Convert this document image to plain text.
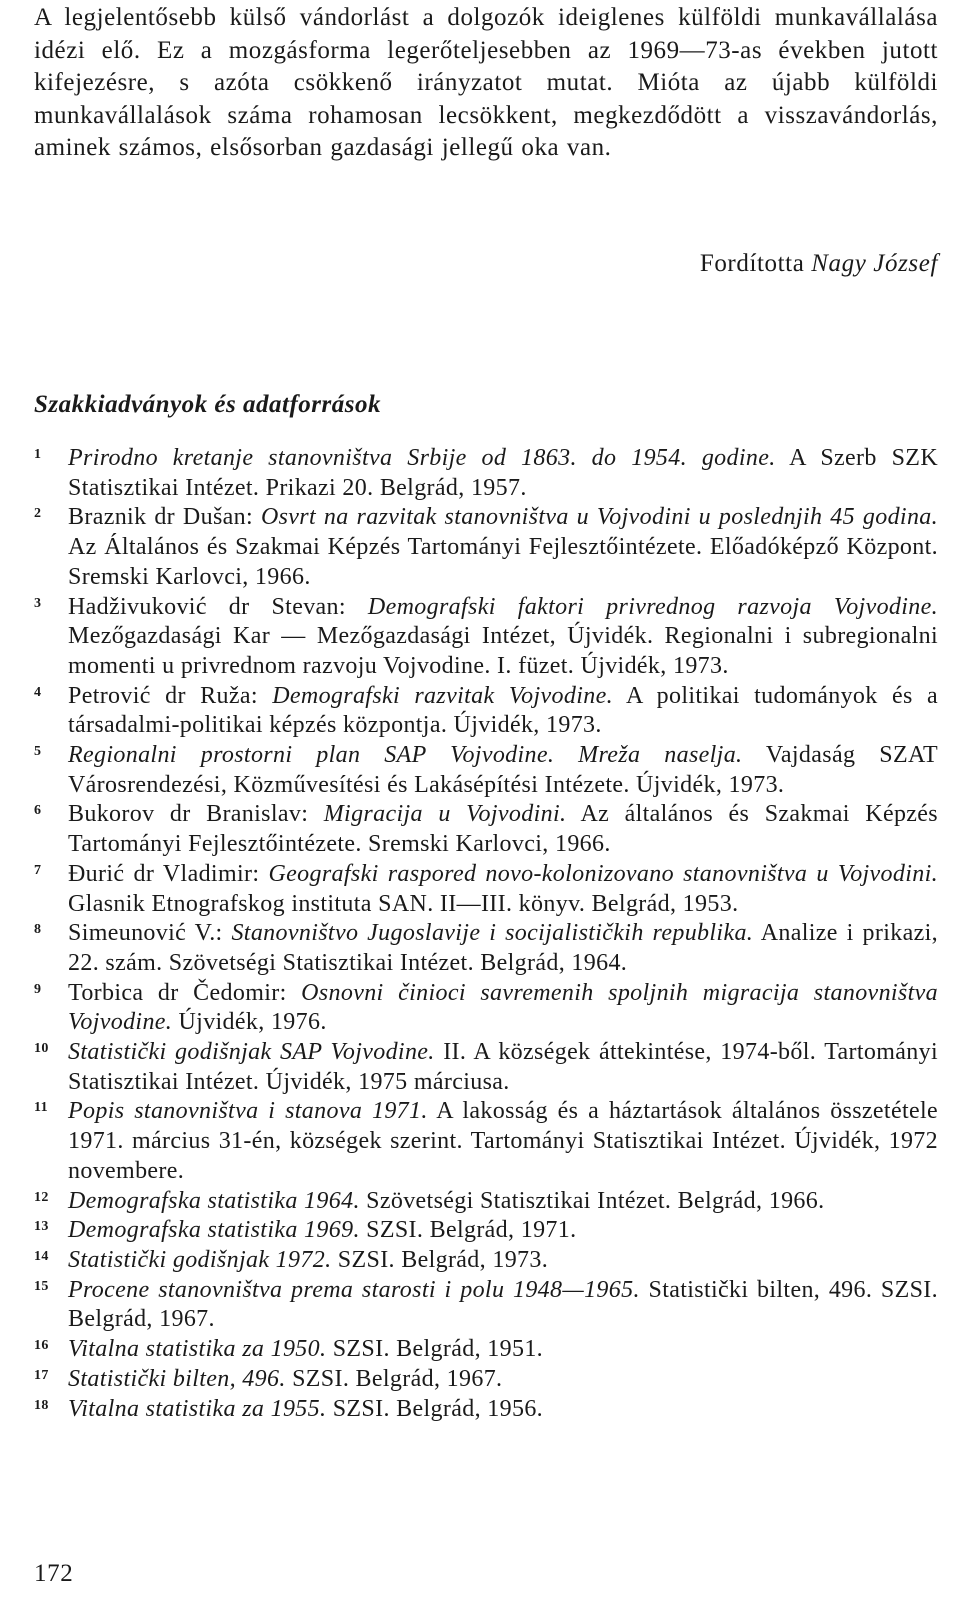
A legjelentősebb külső vándorlást a dolgozók ideiglenes külföldi munkavállalása idézi elő. Ez a mozgásforma legerőteljesebben az 1969—73-as években jutott kifejezésre, s azóta csökkenő irányzatot mutat. Mióta az újabb külföldi munkavállalások száma rohamosan lecsökkent, megkezdődött a visszavándorlás, aminek számos, elsősorban gazdasági jellegű oka van.

Fordította Nagy József

Szakkiadványok és adatforrások
1 Prirodno kretanje stanovništva Srbije od 1863. do 1954. godine. A Szerb SZK Statisztikai Intézet. Prikazi 20. Belgrád, 1957.
2 Braznik dr Dušan: Osvrt na razvitak stanovništva u Vojvodini u poslednjih 45 godina. Az Általános és Szakmai Képzés Tartományi Fejlesztőintézete. Előadóképző Központ. Sremski Karlovci, 1966.
3 Hadživuković dr Stevan: Demografski faktori privrednog razvoja Vojvodine. Mezőgazdasági Kar — Mezőgazdasági Intézet, Újvidék. Regionalni i subregionalni momenti u privrednom razvoju Vojvodine. I. füzet. Újvidék, 1973.
4 Petrović dr Ruža: Demografski razvitak Vojvodine. A politikai tudományok és a társadalmi-politikai képzés központja. Újvidék, 1973.
5 Regionalni prostorni plan SAP Vojvodine. Mreža naselja. Vajdaság SZAT Városrendezési, Közművesítési és Lakásépítési Intézete. Újvidék, 1973.
6 Bukorov dr Branislav: Migracija u Vojvodini. Az általános és Szakmai Képzés Tartományi Fejlesztőintézete. Sremski Karlovci, 1966.
7 Đurić dr Vladimir: Geografski raspored novo-kolonizovano stanovništva u Vojvodini. Glasnik Etnografskog instituta SAN. II—III. könyv. Belgrád, 1953.
8 Simeunović V.: Stanovništvo Jugoslavije i socijalističkih republika. Analize i prikazi, 22. szám. Szövetségi Statisztikai Intézet. Belgrád, 1964.
9 Torbica dr Čedomir: Osnovni činioci savremenih spoljnih migracija stanovništva Vojvodine. Újvidék, 1976.
10 Statistički godišnjak SAP Vojvodine. II. A községek áttekintése, 1974-ből. Tartományi Statisztikai Intézet. Újvidék, 1975 márciusa.
11 Popis stanovništva i stanova 1971. A lakosság és a háztartások általános összetétele 1971. március 31-én, községek szerint. Tartományi Statisztikai Intézet. Újvidék, 1972 novembere.
12 Demografska statistika 1964. Szövetségi Statisztikai Intézet. Belgrád, 1966.
13 Demografska statistika 1969. SZSI. Belgrád, 1971.
14 Statistički godišnjak 1972. SZSI. Belgrád, 1973.
15 Procene stanovništva prema starosti i polu 1948—1965. Statistički bilten, 496. SZSI. Belgrád, 1967.
16 Vitalna statistika za 1950. SZSI. Belgrád, 1951.
17 Statistički bilten, 496. SZSI. Belgrád, 1967.
18 Vitalna statistika za 1955. SZSI. Belgrád, 1956.

172
